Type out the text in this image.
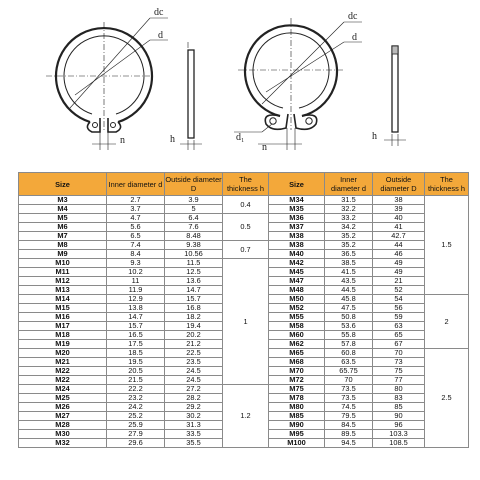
dc
d
n	h
dc
d
d₁
n
h
Size	Inner diameter d	Outside diameter D	The thickness h	Size	Inner diameter d	Outside diameter D	The thickness h
M3	2.7	3.9	0.4	M34	31.5	38	1.5
M4	3.7	5		M35	32.2	39	
M5	4.7	6.4	0.5	M36	33.2	40	
M6	5.6	7.6		M37	34.2	41	
M7	6.5	8.48		M38	35.2	42.7	
M8	7.4	9.38	0.7	M38	35.2	44	
M9	8.4	10.56		M40	36.5	46	
M10	9.3	11.5	1	M42	38.5	49	
M11	10.2	12.5		M45	41.5	49	
M12	11	13.6		M47	43.5	21	
M13	11.9	14.7		M48	44.5	52	
M14	12.9	15.7		M50	45.8	54	2
M15	13.8	16.8		M52	47.5	56	
M16	14.7	18.2		M55	50.8	59	
M17	15.7	19.4		M58	53.6	63	
M18	16.5	20.2		M60	55.8	65	
M19	17.5	21.2		M62	57.8	67	
M20	18.5	22.5		M65	60.8	70	2.5
M21	19.5	23.5		M68	63.5	73	
M22	20.5	24.5		M70	65.75	75	
M22	21.5	24.5		M72	70	77	
M24	22.2	27.2	1.2	M75	73.5	80	
M25	23.2	28.2		M78	73.5	83	
M26	24.2	29.2		M80	74.5	85	
M27	25.2	30.2		M85	79.5	90	
M28	25.9	31.3		M90	84.5	96	
M30	27.9	33.5		M95	89.5	103.3	
M32	29.6	35.5		M100	94.5	108.5	
